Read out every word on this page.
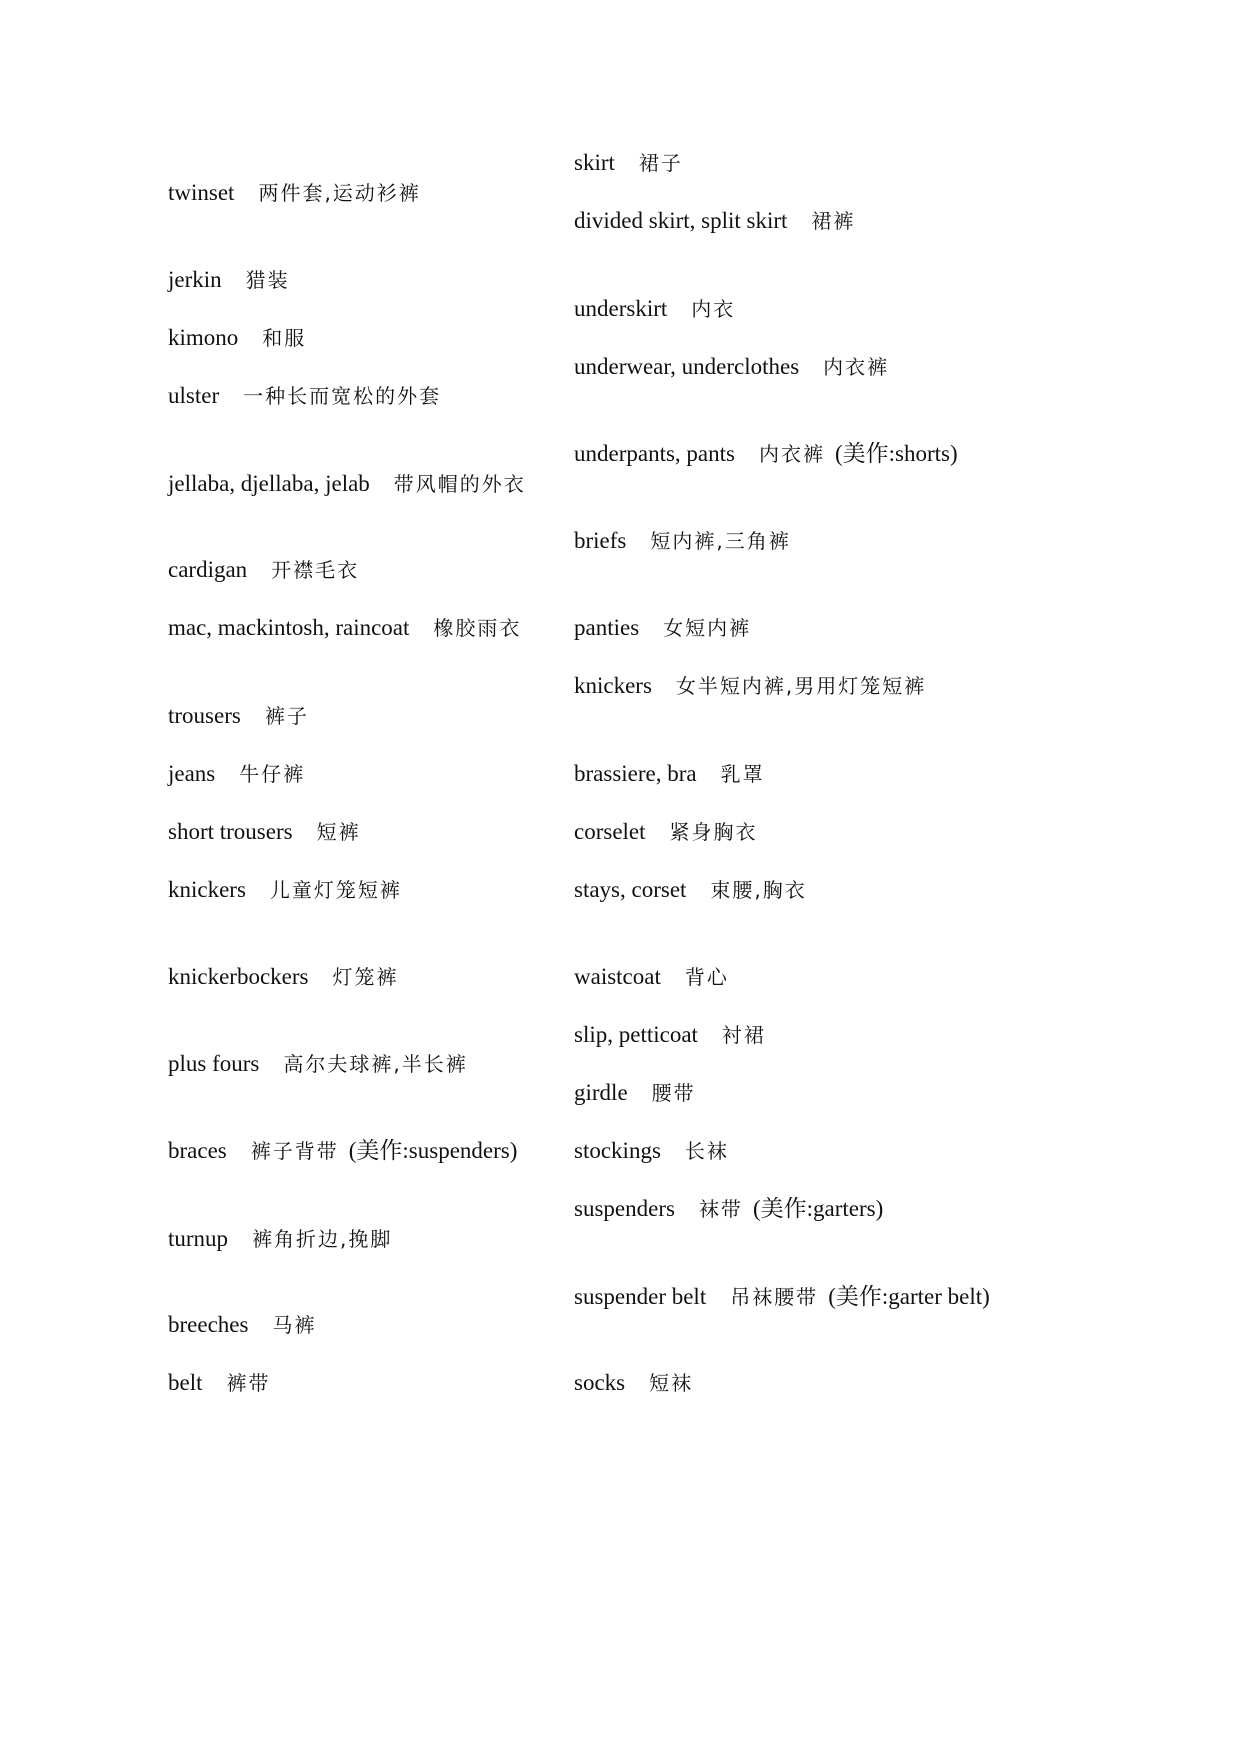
twinset 两件套,运动衫裤
jerkin 猎装
kimono 和服
ulster 一种长而宽松的外套
jellaba, djellaba, jelab 带风帽的外衣
cardigan 开襟毛衣
mac, mackintosh, raincoat 橡胶雨衣
trousers 裤子
jeans 牛仔裤
short trousers 短裤
knickers 儿童灯笼短裤
knickerbockers 灯笼裤
plus fours 高尔夫球裤,半长裤
braces 裤子背带 (美作:suspenders)
turnup 裤角折边,挽脚
breeches 马裤
belt 裤带
skirt 裙子
divided skirt, split skirt 裙裤
underskirt 内衣
underwear, underclothes 内衣裤
underpants, pants 内衣裤 (美作:shorts)
briefs 短内裤,三角裤
panties 女短内裤
knickers 女半短内裤,男用灯笼短裤
brassiere, bra 乳罩
corselet 紧身胸衣
stays, corset 束腰,胸衣
waistcoat 背心
slip, petticoat 衬裙
girdle 腰带
stockings 长袜
suspenders 袜带 (美作:garters)
suspender belt 吊袜腰带 (美作:garter belt)
socks 短袜
